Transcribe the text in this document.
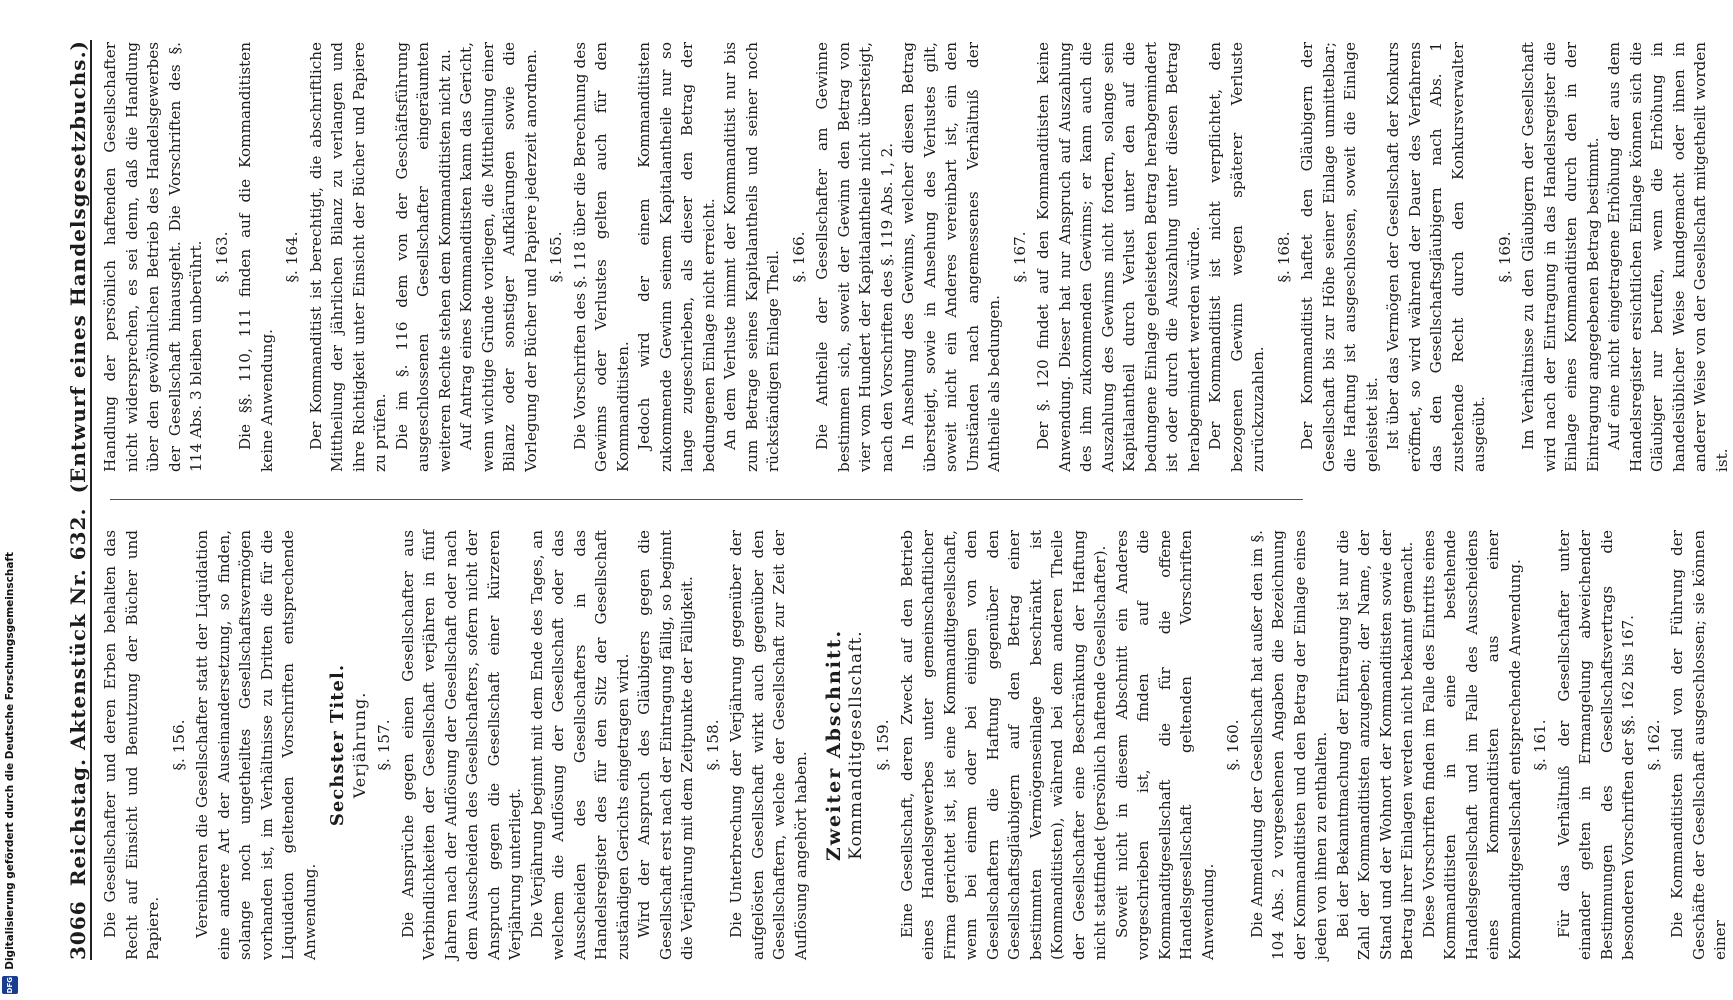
Digitalisierung gefördert durch die Deutsche Forschungsgemeinschaft
DFG
3066
Reichstag. Aktenstück Nr. 632.
(Entwurf eines Handelsgesetzbuchs.)

Die Gesellschafter und deren Erben behalten das Recht auf Einsicht und Benutzung der Bücher und Papiere.

§. 156. Vereinbaren die Gesellschafter statt der Liquidation eine andere Art der Auseinandersetzung, so finden, solange noch ungetheiltes Gesellschaftsvermögen vorhanden ist, im Verhältnisse zu Dritten die für die Liquidation geltenden Vorschriften entsprechende Anwendung.

Sechster Titel. Verjährung. §. 157. Die Ansprüche gegen einen Gesellschafter aus Verbindlichkeiten der Gesellschaft verjähren in fünf Jahren nach der Auflösung der Gesellschaft oder nach dem Ausscheiden des Gesellschafters, sofern nicht der Anspruch gegen die Gesellschaft einer kürzeren Verjährung unterliegt. Die Verjährung beginnt mit dem Ende des Tages, an welchem die Auflösung der Gesellschaft oder das Ausscheiden des Gesellschafters in das Handelsregister des für den Sitz der Gesellschaft zuständigen Gerichts eingetragen wird. Wird der Anspruch des Gläubigers gegen die Gesellschaft erst nach der Eintragung fällig, so beginnt die Verjährung mit dem Zeitpunkte der Fälligkeit. §. 158. Die Unterbrechung der Verjährung gegenüber der aufgelösten Gesellschaft wirkt auch gegenüber den Gesellschaftern, welche der Gesellschaft zur Zeit der Auflösung angehört haben. Zweiter Abschnitt. Kommanditgesellschaft. §. 159. Eine Gesellschaft, deren Zweck auf den Betrieb eines Handelsgewerbes unter gemeinschaftlicher Firma gerichtet ist, ist eine Kommanditgesellschaft, wenn bei einem oder bei einigen von den Gesellschaftern die Haftung gegenüber den Gesellschaftsgläubigern auf den Betrag einer bestimmten Vermögenseinlage beschränkt ist (Kommanditisten), während bei dem anderen Theile der Gesellschafter eine Beschränkung der Haftung nicht stattfindet (persönlich haftende Gesellschafter). Soweit nicht in diesem Abschnitt ein Anderes vorgeschrieben ist, finden auf die Kommanditgesellschaft die für die offene Handelsgesellschaft geltenden Vorschriften Anwendung.

§. 160. Die Anmeldung der Gesellschaft hat außer den im §. 104 Abs. 2 vorgesehenen Angaben die Bezeichnung der Kommanditisten und den Betrag der Einlage eines jeden von ihnen zu enthalten. Bei der Bekanntmachung der Eintragung ist nur die Zahl der Kommanditisten anzugeben; der Name, der Stand und der Wohnort der Kommanditisten sowie der Betrag ihrer Einlagen werden nicht bekannt gemacht. Diese Vorschriften finden im Falle des Eintritts eines Kommanditisten in eine bestehende Handelsgesellschaft und im Falle des Ausscheidens eines Kommanditisten aus einer Kommanditgesellschaft entsprechende Anwendung. §. 161. Für das Verhältniß der Gesellschafter unter einander gelten in Ermangelung abweichender Bestimmungen des Gesellschaftsvertrags die besonderen Vorschriften der §§. 162 bis 167. §. 162. Die Kommanditisten sind von der Führung der Geschäfte der Gesellschaft ausgeschlossen; sie können einer

Handlung der persönlich haftenden Gesellschafter nicht widersprechen, es sei denn, daß die Handlung über den gewöhnlichen Betrieb des Handelsgewerbes der Gesellschaft hinausgeht. Die Vorschriften des §. 114 Abs. 3 bleiben unberührt. §. 163. Die §§. 110, 111 finden auf die Kommanditisten keine Anwendung.

§. 164. Der Kommanditist ist berechtigt, die abschriftliche Mittheilung der jährlichen Bilanz zu verlangen und ihre Richtigkeit unter Einsicht der Bücher und Papiere zu prüfen. Die im §. 116 dem von der Geschäftsführung ausgeschlossenen Gesellschafter eingeräumten weiteren Rechte stehen dem Kommanditisten nicht zu. Auf Antrag eines Kommanditisten kann das Gericht, wenn wichtige Gründe vorliegen, die Mittheilung einer Bilanz oder sonstiger Aufklärungen sowie die Vorlegung der Bücher und Papiere jederzeit anordnen. §. 165. Die Vorschriften des §. 118 über die Berechnung des Gewinns oder Verlustes gelten auch für den Kommanditisten. Jedoch wird der einem Kommanditisten zukommende Gewinn seinem Kapitalantheile nur so lange zugeschrieben, als dieser den Betrag der bedungenen Einlage nicht erreicht. An dem Verluste nimmt der Kommanditist nur bis zum Betrage seines Kapitalantheils und seiner noch rückständigen Einlage Theil. §. 166. Die Antheile der Gesellschafter am Gewinne bestimmen sich, soweit der Gewinn den Betrag von vier vom Hundert der Kapitalantheile nicht übersteigt, nach den Vorschriften des §. 119 Abs. 1, 2. In Ansehung des Gewinns, welcher diesen Betrag übersteigt, sowie in Ansehung des Verlustes gilt, soweit nicht ein Anderes vereinbart ist, ein den Umständen nach angemessenes Verhältniß der Antheile als bedungen.

§. 167. Der §. 120 findet auf den Kommanditisten keine Anwendung. Dieser hat nur Anspruch auf Auszahlung des ihm zukommenden Gewinns; er kann auch die Auszahlung des Gewinns nicht fordern, solange sein Kapitalantheil durch Verlust unter den auf die bedungene Einlage geleisteten Betrag herabgemindert ist oder durch die Auszahlung unter diesen Betrag herabgemindert werden würde. Der Kommanditist ist nicht verpflichtet, den bezogenen Gewinn wegen späterer Verluste zurückzuzahlen.

§. 168. Der Kommanditist haftet den Gläubigern der Gesellschaft bis zur Höhe seiner Einlage unmittelbar; die Haftung ist ausgeschlossen, soweit die Einlage geleistet ist. Ist über das Vermögen der Gesellschaft der Konkurs eröffnet, so wird während der Dauer des Verfahrens das den Gesellschaftsgläubigern nach Abs. 1 zustehende Recht durch den Konkursverwalter ausgeübt.

§. 169. Im Verhältnisse zu den Gläubigern der Gesellschaft wird nach der Eintragung in das Handelsregister die Einlage eines Kommanditisten durch den in der Eintragung angegebenen Betrag bestimmt. Auf eine nicht eingetragene Erhöhung der aus dem Handelsregister ersichtlichen Einlage können sich die Gläubiger nur berufen, wenn die Erhöhung in handelsüblicher Weise kundgemacht oder ihnen in anderer Weise von der Gesellschaft mitgetheilt worden ist.
